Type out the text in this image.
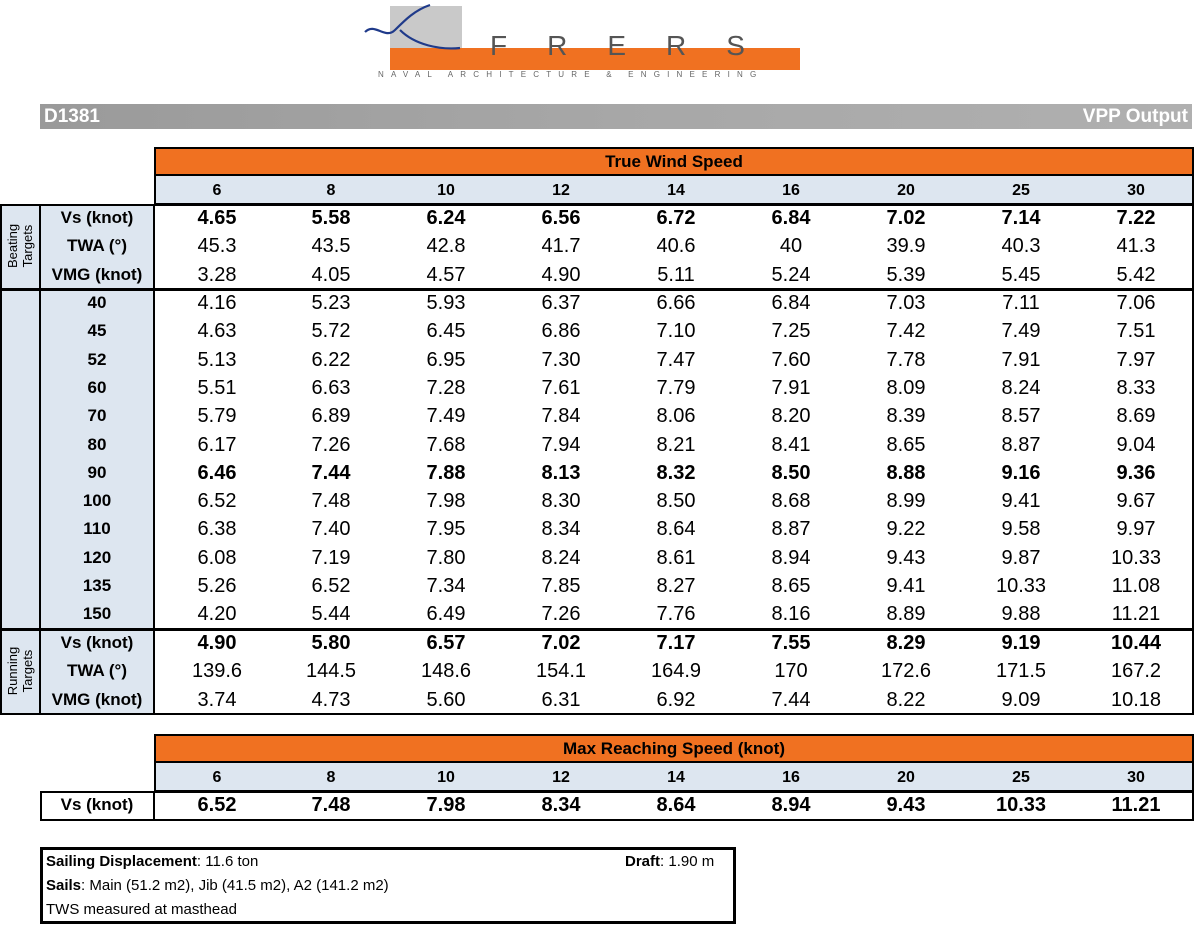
FRERS
NAVAL ARCHITECTURE & ENGINEERING
D1381	VPP Output
True Wind Speed
6	8	10	12	14	16	20	25	30
Vs (knot)	4.65	5.58	6.24	6.56	6.72	6.84	7.02	7.14	7.22
TWA (°)	45.3	43.5	42.8	41.7	40.6	40	39.9	40.3	41.3
VMG (knot)	3.28	4.05	4.57	4.90	5.11	5.24	5.39	5.45	5.42
Beating
Targets
40	4.16	5.23	5.93	6.37	6.66	6.84	7.03	7.11	7.06
45	4.63	5.72	6.45	6.86	7.10	7.25	7.42	7.49	7.51
52	5.13	6.22	6.95	7.30	7.47	7.60	7.78	7.91	7.97
60	5.51	6.63	7.28	7.61	7.79	7.91	8.09	8.24	8.33
70	5.79	6.89	7.49	7.84	8.06	8.20	8.39	8.57	8.69
80	6.17	7.26	7.68	7.94	8.21	8.41	8.65	8.87	9.04
90	6.46	7.44	7.88	8.13	8.32	8.50	8.88	9.16	9.36
100	6.52	7.48	7.98	8.30	8.50	8.68	8.99	9.41	9.67
110	6.38	7.40	7.95	8.34	8.64	8.87	9.22	9.58	9.97
120	6.08	7.19	7.80	8.24	8.61	8.94	9.43	9.87	10.33
135	5.26	6.52	7.34	7.85	8.27	8.65	9.41	10.33	11.08
150	4.20	5.44	6.49	7.26	7.76	8.16	8.89	9.88	11.21
Vs (knot)	4.90	5.80	6.57	7.02	7.17	7.55	8.29	9.19	10.44
TWA (°)	139.6	144.5	148.6	154.1	164.9	170	172.6	171.5	167.2
VMG (knot)	3.74	4.73	5.60	6.31	6.92	7.44	8.22	9.09	10.18
Running
Targets
Max Reaching Speed (knot)
6	8	10	12	14	16	20	25	30
Vs (knot)	6.52	7.48	7.98	8.34	8.64	8.94	9.43	10.33	11.21
Sailing Displacement: 11.6 ton	Draft: 1.90 m
Sails: Main (51.2 m2), Jib (41.5 m2), A2 (141.2 m2)
TWS measured at masthead
